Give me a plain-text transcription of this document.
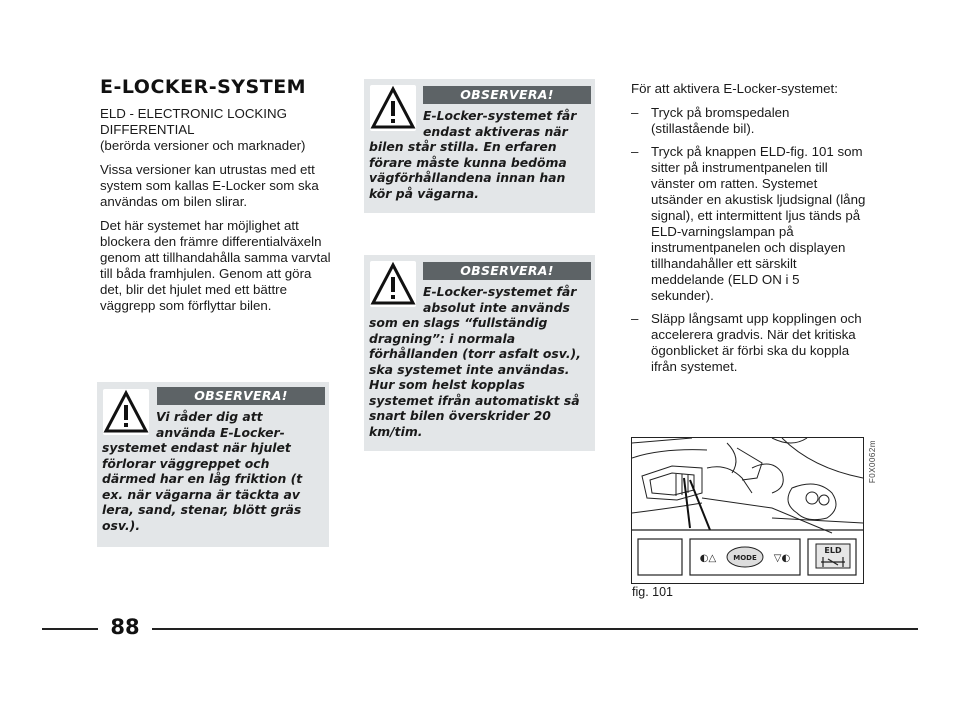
E-LOCKER-SYSTEM

ELD - ELECTRONIC LOCKING

DIFFERENTIAL

(berörda versioner och marknader)

Vissa versioner kan utrustas med ett system som kallas E-Locker som ska användas om bilen slirar.

Det här systemet har möjlighet att blockera den främre differentialväxeln genom att tillhandahålla samma varvtal till båda framhjulen. Genom att göra det, blir det hjulet med ett bättre väggrepp som förflyttar bilen.

OBSERVERA!
Vi råder dig att använda E-Locker-
systemet endast när hjulet förlorar väggreppet och därmed har en låg friktion (t ex. när vägarna är täckta av lera, sand, stenar, blött gräs osv.).
OBSERVERA!
E-Locker-systemet får endast aktiveras när
bilen står stilla. En erfaren förare måste kunna bedöma vägförhållandena innan han kör på vägarna.
OBSERVERA!
E-Locker-systemet får absolut inte används
som en slags “fullständig dragning”: i normala förhållanden (torr asfalt osv.), ska systemet inte användas. Hur som helst kopplas systemet ifrån automatiskt så snart bilen överskrider 20 km/tim.

För att aktivera E-Locker-systemet:

– Tryck på bromspedalen (stillastående bil).
– Tryck på knappen ELD-fig. 101 som sitter på instrumentpanelen till vänster om ratten. Systemet utsänder en akustisk ljudsignal (lång signal), ett intermittent ljus tänds på ELD-varningslampan på instrumentpanelen och displayen tillhandahåller ett särskilt meddelande (ELD ON i 5 sekunder).
– Släpp långsamt upp kopplingen och accelerera gradvis. När det kritiska ögonblicket är förbi ska du koppla ifrån systemet.
MODE
◐△	▽◐
ELD
F0X0062m
fig. 101
88
